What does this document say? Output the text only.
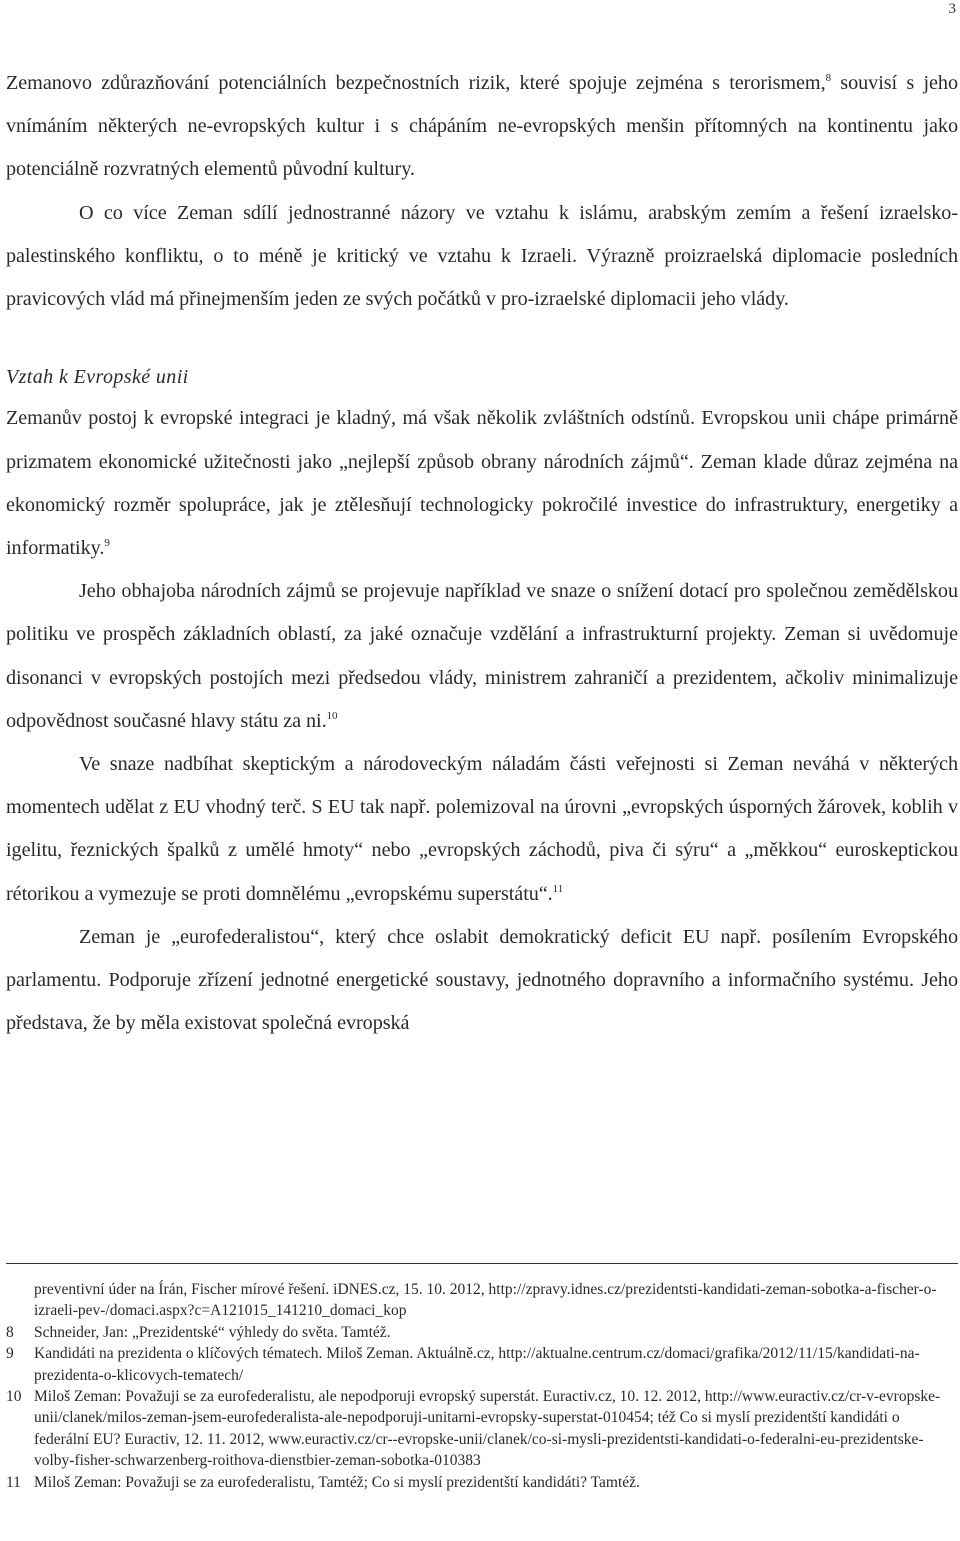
3

Zemanovo zdůrazňování potenciálních bezpečnostních rizik, které spojuje zejména s terorismem,$^8$ souvisí s jeho vnímáním některých ne-evropských kultur i s chápáním ne-evropských menšin přítomných na kontinentu jako potenciálně rozvratných elementů původní kultury.

O co více Zeman sdílí jednostranné názory ve vztahu k islámu, arabským zemím a řešení izraelsko-palestinského konfliktu, o to méně je kritický ve vztahu k Izraeli. Výrazně proizraelská diplomacie posledních pravicových vlád má přinejmenším jeden ze svých počátků v pro-izraelské diplomacii jeho vlády.

Vztah k Evropské unii

Zemanův postoj k evropské integraci je kladný, má však několik zvláštních odstínů. Evropskou unii chápe primárně prizmatem ekonomické užitečnosti jako „nejlepší způsob obrany národních zájmů“. Zeman klade důraz zejména na ekonomický rozměr spolupráce, jak je ztělesňují technologicky pokročilé investice do infrastruktury, energetiky a informatiky.$^9$

Jeho obhajoba národních zájmů se projevuje například ve snaze o snížení dotací pro společnou zemědělskou politiku ve prospěch základních oblastí, za jaké označuje vzdělání a infrastrukturní projekty. Zeman si uvědomuje disonanci v evropských postojích mezi předsedou vlády, ministrem zahraničí a prezidentem, ačkoliv minimalizuje odpovědnost současné hlavy státu za ni.$^{10}$

Ve snaze nadbíhat skeptickým a národoveckým náladám části veřejnosti si Zeman neváhá v některých momentech udělat z EU vhodný terč. S EU tak např. polemizoval na úrovni „evropských úsporných žárovek, koblih v igelitu, řeznických špalků z umělé hmoty“ nebo „evropských záchodů, piva či sýru“ a „měkkou“ euroskeptickou rétorikou a vymezuje se proti domnělému „evropskému superstátu“.$^{11}$

Zeman je „eurofederalistou“, který chce oslabit demokratický deficit EU např. posílením Evropského parlamentu. Podporuje zřízení jednotné energetické soustavy, jednotného dopravního a informačního systému. Jeho představa, že by měla existovat společná evropská

preventivní úder na Írán, Fischer mírové řešení. iDNES.cz, 15. 10. 2012, http://zpravy.idnes.cz/prezidentsti-kandidati-zeman-sobotka-a-fischer-o-izraeli-pev-/domaci.aspx?c=A121015_141210_domaci_kop
8	Schneider, Jan: „Prezidentské“ výhledy do světa. Tamtéž.
9	Kandidáti na prezidenta o klíčových tématech. Miloš Zeman. Aktuálně.cz, http://aktualne.centrum.cz/domaci/grafika/2012/11/15/kandidati-na-prezidenta-o-klicovych-tematech/
10 Miloš Zeman: Považuji se za eurofederalistu, ale nepodporuji evropský superstát. Euractiv.cz, 10. 12. 2012, http://www.euractiv.cz/cr-v-evropske-unii/clanek/milos-zeman-jsem-eurofederalista-ale-nepodporuji-unitarni-evropsky-superstat-010454; též Co si myslí prezidentští kandidáti o federální EU? Euractiv, 12. 11. 2012, www.euractiv.cz/cr--evropske-unii/clanek/co-si-mysli-prezidentsti-kandidati-o-federalni-eu-prezidentske-volby-fisher-schwarzenberg-roithova-dienstbier-zeman-sobotka-010383
11 Miloš Zeman: Považuji se za eurofederalistu, Tamtéž; Co si myslí prezidentští kandidáti? Tamtéž.
